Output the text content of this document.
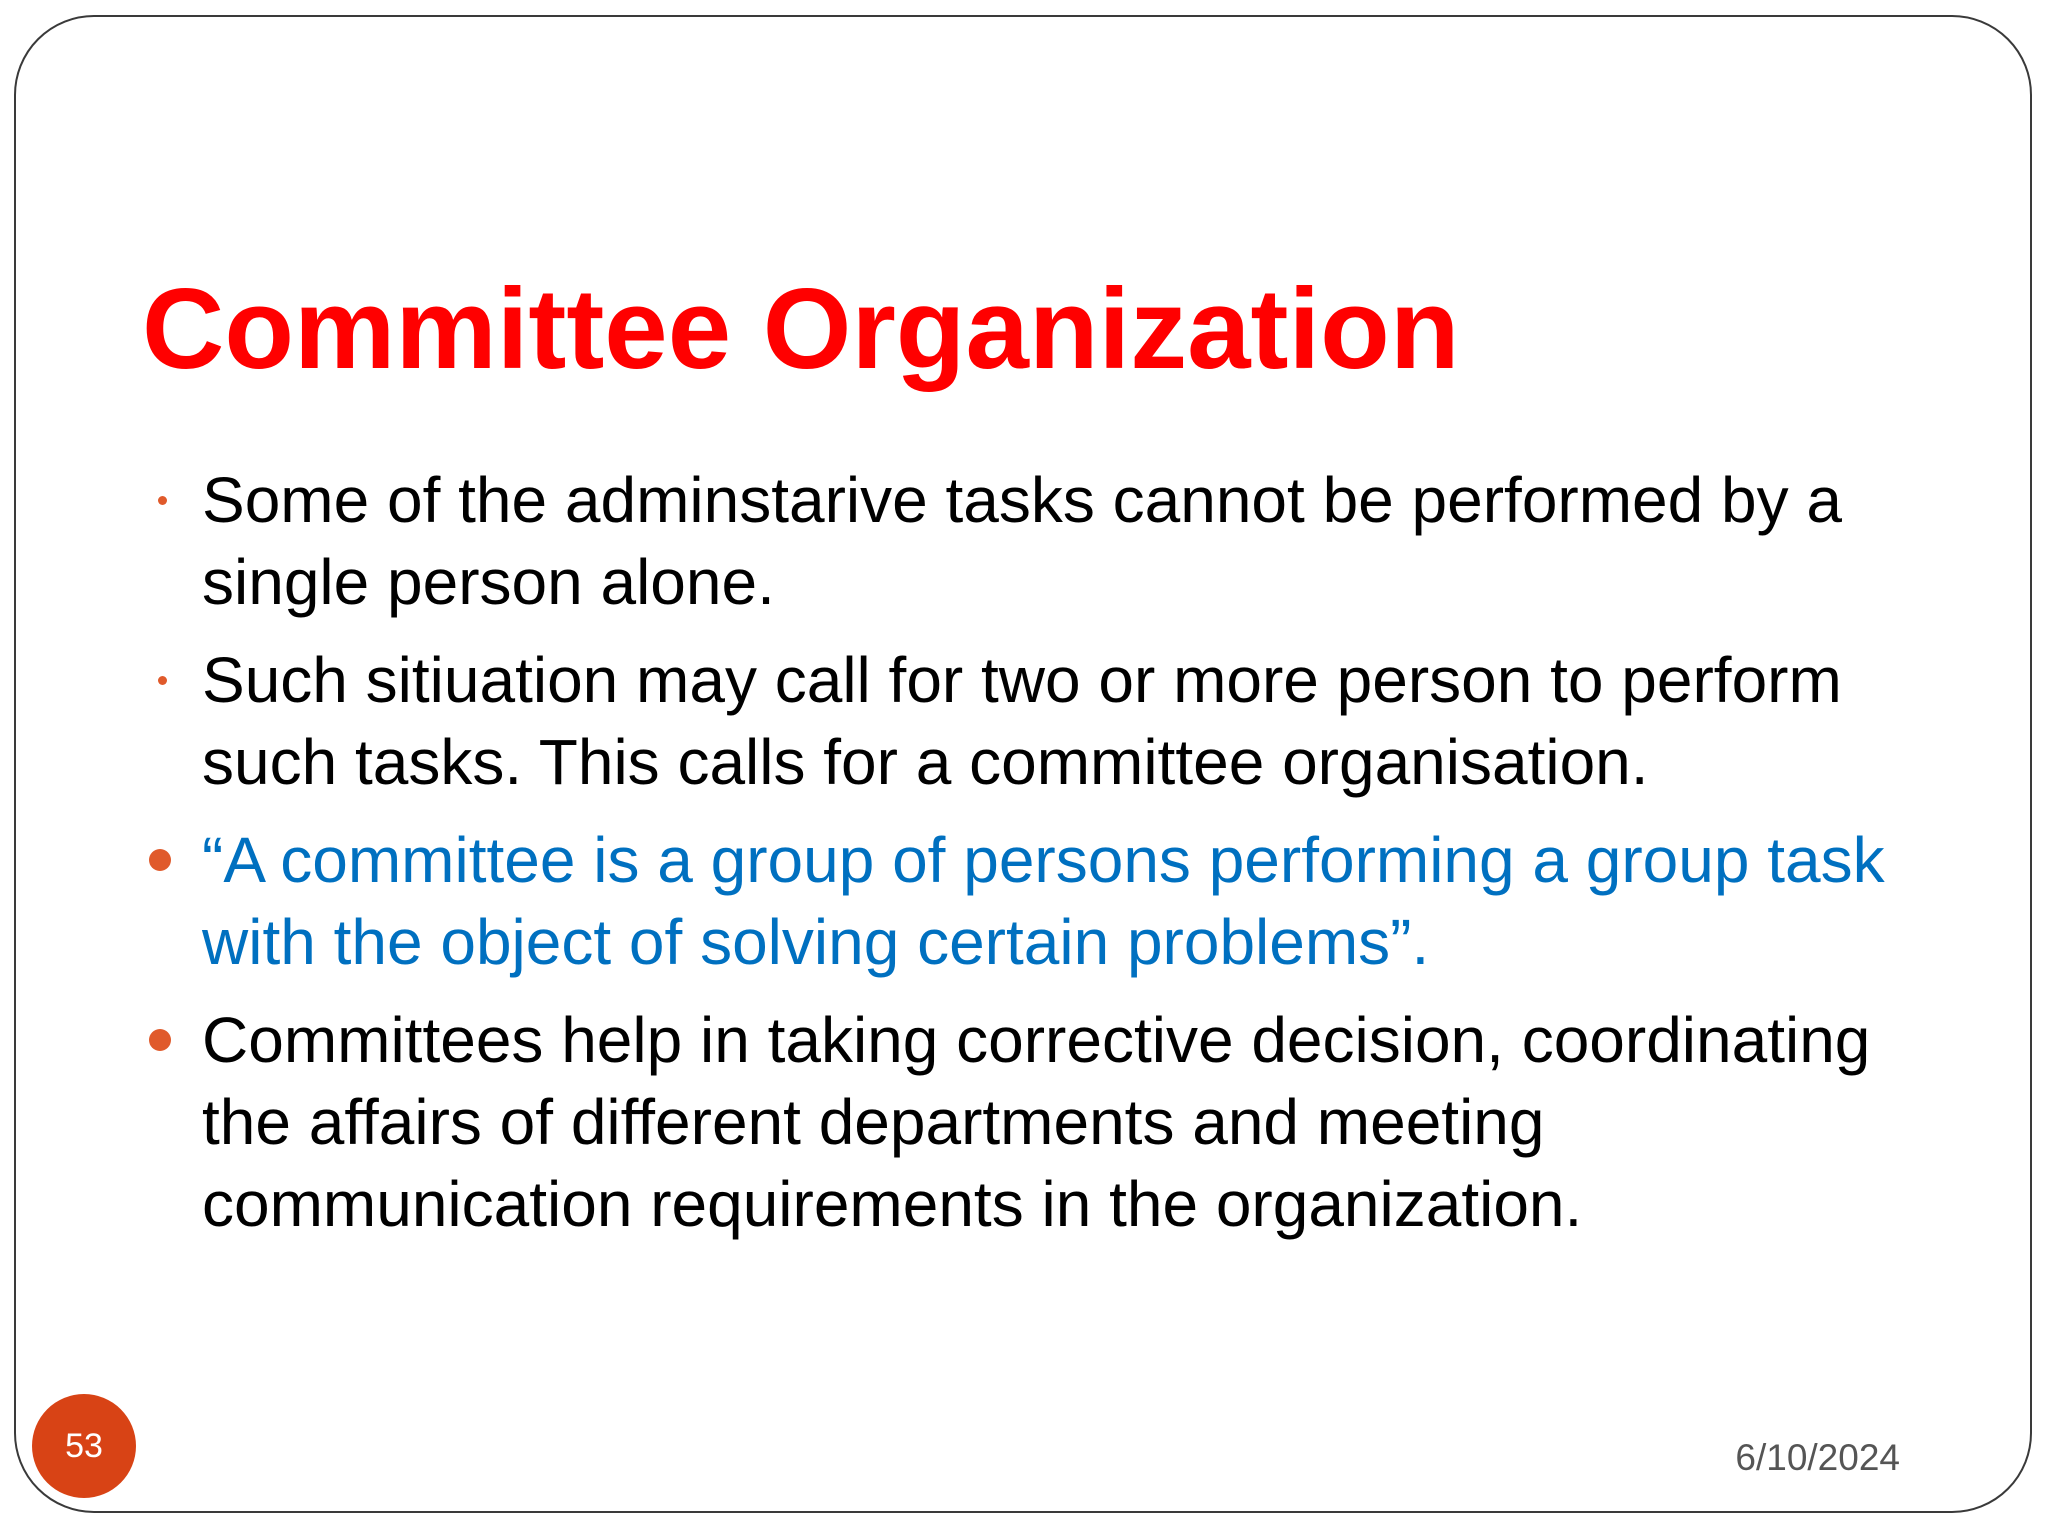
Committee Organization
Some of the adminstarive tasks cannot be performed by a single person alone.
Such sitiuation may call for two or more person to perform such tasks. This calls for a committee organisation.
“A committee is a group of persons performing a group task with the object of solving certain problems”.
Committees help in taking corrective decision, coordinating the affairs of different departments and meeting communication requirements in the organization.
6/10/2024
53
